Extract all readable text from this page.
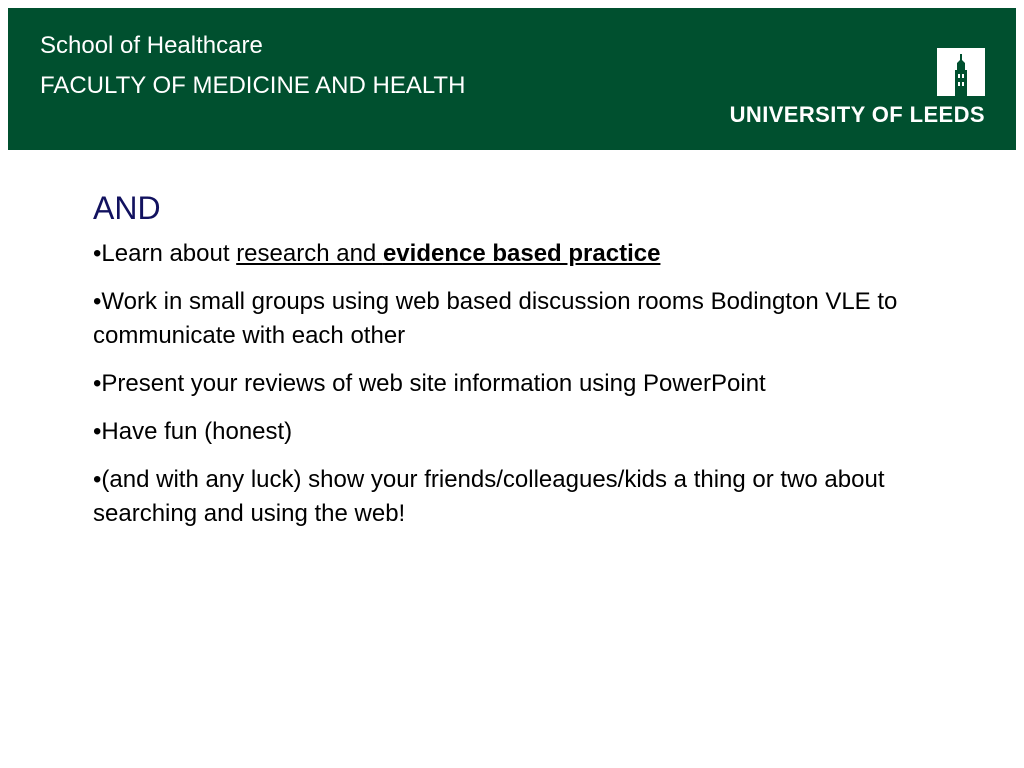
School of Healthcare
FACULTY OF MEDICINE AND HEALTH
UNIVERSITY OF LEEDS
AND
•Learn about research and evidence based practice
•Work in small groups using web based discussion rooms Bodington VLE to communicate with each other
•Present your reviews of web site information using PowerPoint
•Have fun (honest)
•(and with any luck) show your friends/colleagues/kids a thing or two about searching and using the web!
